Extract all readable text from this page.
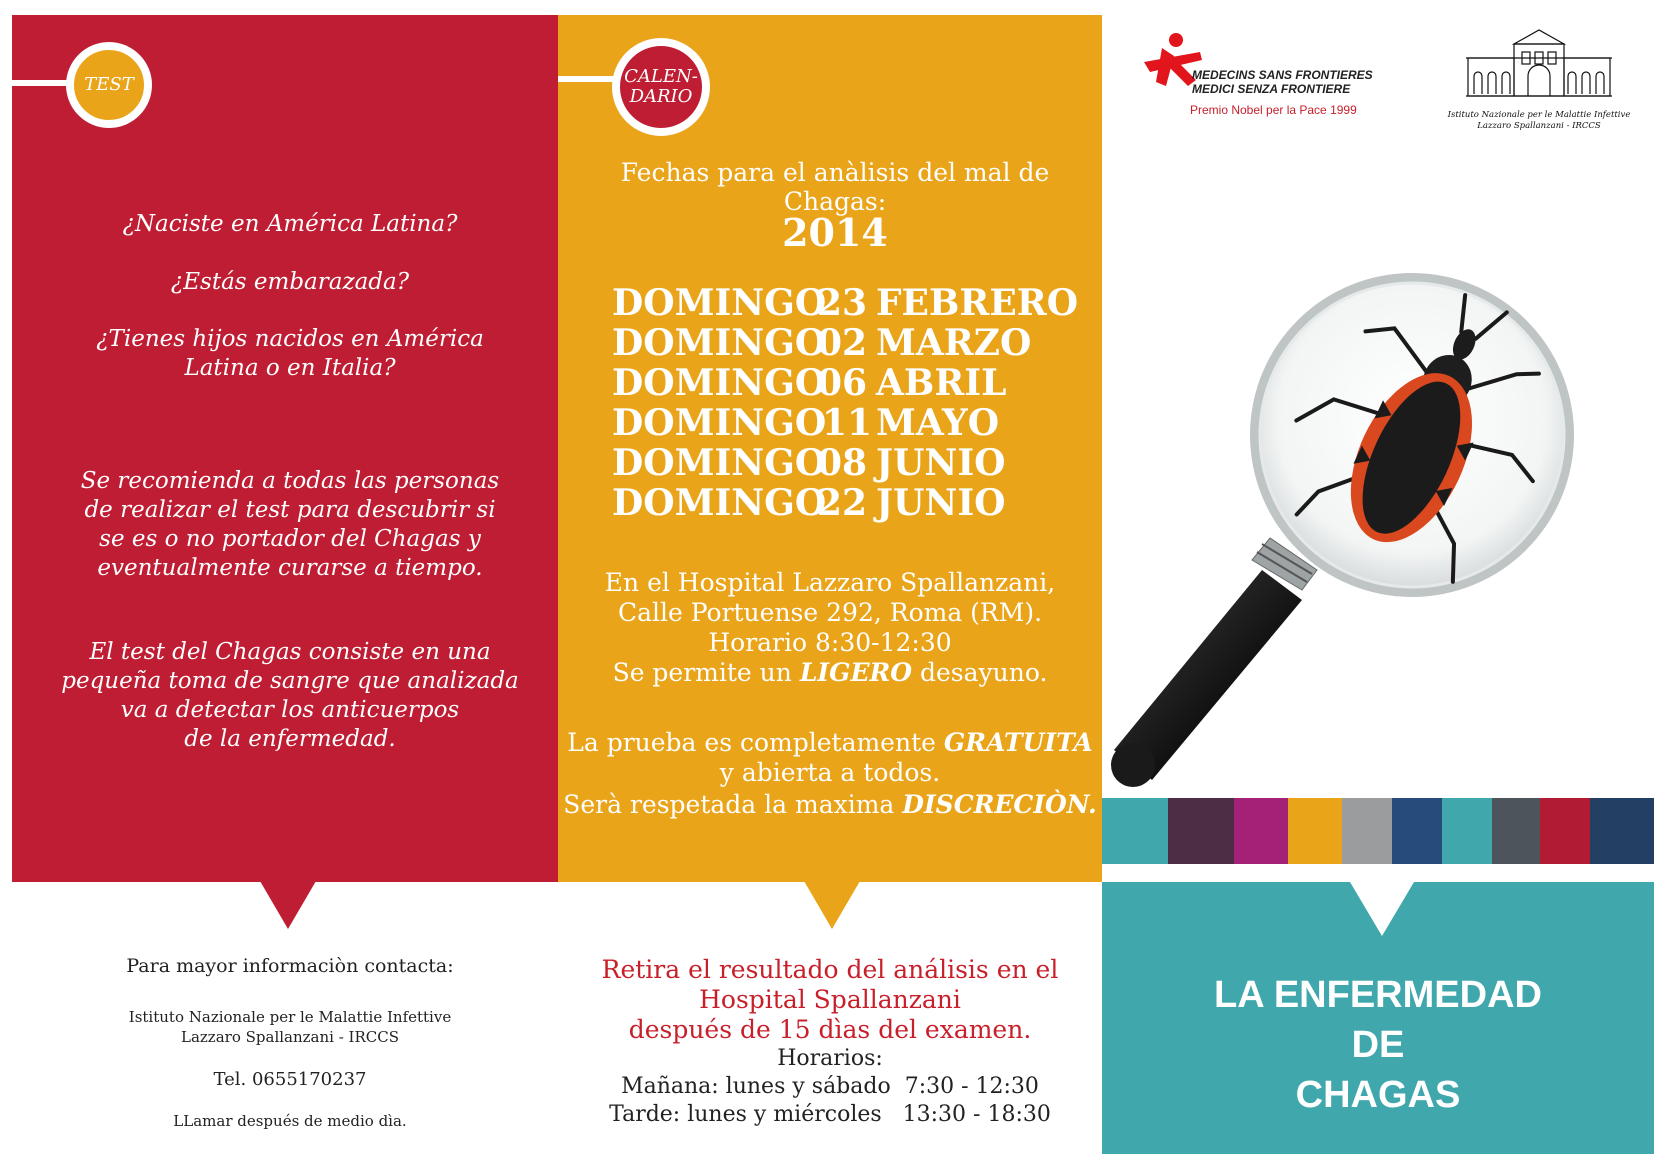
TEST
¿Naciste en América Latina?
¿Estás embarazada?
¿Tienes hijos nacidos en América
Latina o en Italia?
Se recomienda a todas las personas
de realizar el test para descubrir si
se es o no portador del Chagas y
eventualmente curarse a tiempo.
El test del Chagas consiste en una
pequeña toma de sangre que analizada
va a detectar los anticuerpos
de la enfermedad.
CALEN-
DARIO
Fechas para el anàlisis del mal de Chagas:
2014
DOMINGO
23 FEBRERO
DOMINGO
02 MARZO
DOMINGO
06 ABRIL
DOMINGO
11 MAYO
DOMINGO
08 JUNIO
DOMINGO
22 JUNIO
En el Hospital Lazzaro Spallanzani,
Calle Portuense 292, Roma (RM).
Horario 8:30-12:30
Se permite un LIGERO desayuno.
La prueba es completamente GRATUITA
y abierta a todos.
Serà respetada la maxima DISCRECIÒN.
MEDECINS SANS FRONTIERES
MEDICI SENZA FRONTIERE
Premio Nobel per la Pace 1999	Istituto Nazionale per le Malattie Infettive
Lazzaro Spallanzani - IRCCS
LA ENFERMEDAD
DE
CHAGAS
Para mayor informaciòn contacta:
Istituto Nazionale per le Malattie Infettive
Lazzaro Spallanzani - IRCCS
Tel. 0655170237
LLamar después de medio dìa.
Retira el resultado del análisis en el
Hospital Spallanzani
después de 15 dìas del examen.
Horarios:
Mañana: lunes y sábado  7:30 - 12:30
Tarde: lunes y miércoles   13:30 - 18:30
